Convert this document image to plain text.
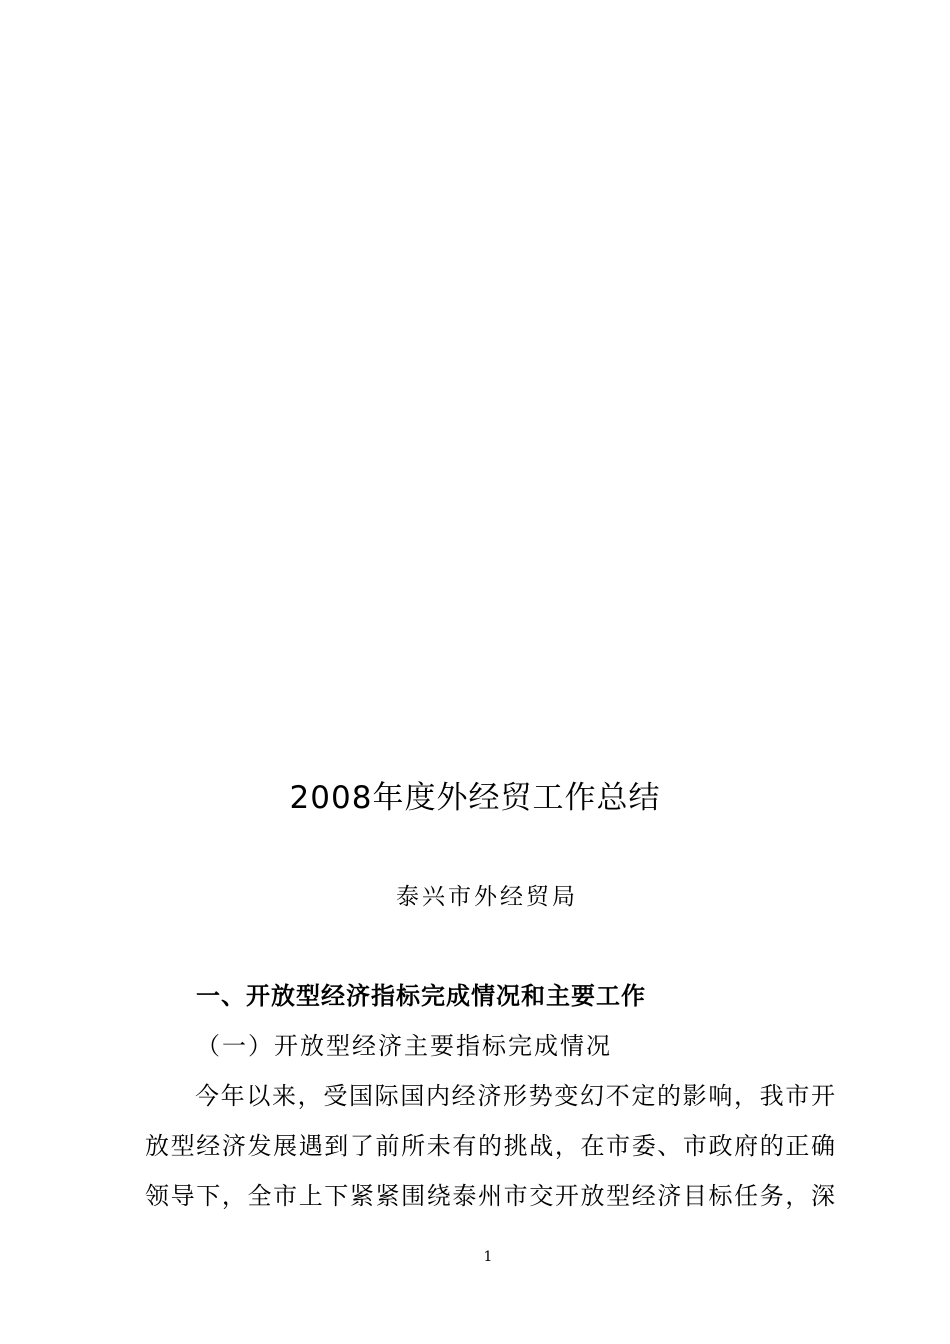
2008年度外经贸工作总结
泰兴市外经贸局
一、开放型经济指标完成情况和主要工作
（一）开放型经济主要指标完成情况
今年以来，受国际国内经济形势变幻不定的影响，我市开
放型经济发展遇到了前所未有的挑战，在市委、市政府的正确
领导下，全市上下紧紧围绕泰州市交开放型经济目标任务，深
1
